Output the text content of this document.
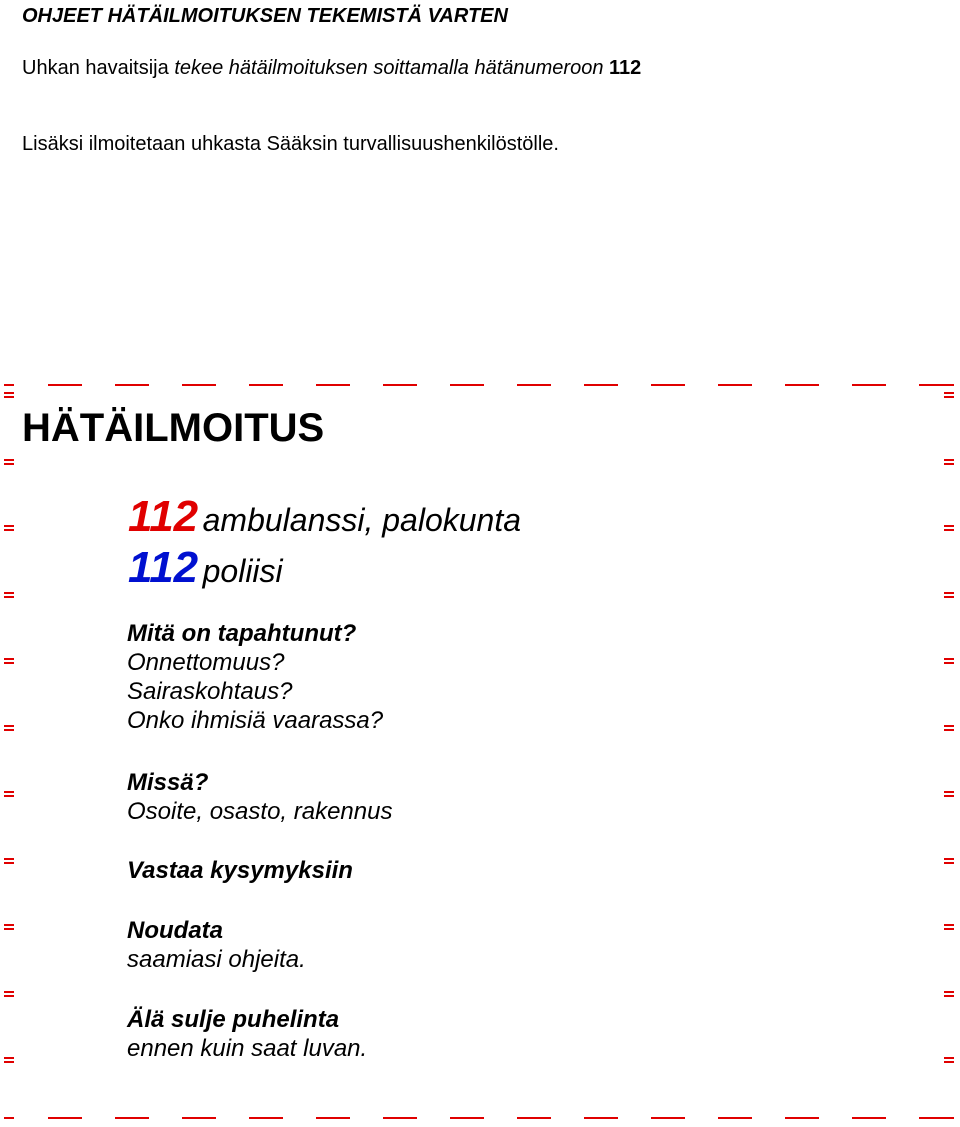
OHJEET HÄTÄILMOITUKSEN TEKEMISTÄ VARTEN

Uhkan havaitsija tekee hätäilmoituksen soittamalla hätänumeroon 112

Lisäksi ilmoitetaan uhkasta Sääksin turvallisuushenkilöstölle.

HÄTÄILMOITUS

112 ambulanssi, palokunta

112 poliisi

Mitä on tapahtunut?
Onnettomuus?
Sairaskohtaus?
Onko ihmisiä vaarassa?
Missä?
Osoite, osasto, rakennus
Vastaa kysymyksiin
Noudata
saamiasi ohjeita.
Älä sulje puhelinta
ennen kuin saat luvan.
